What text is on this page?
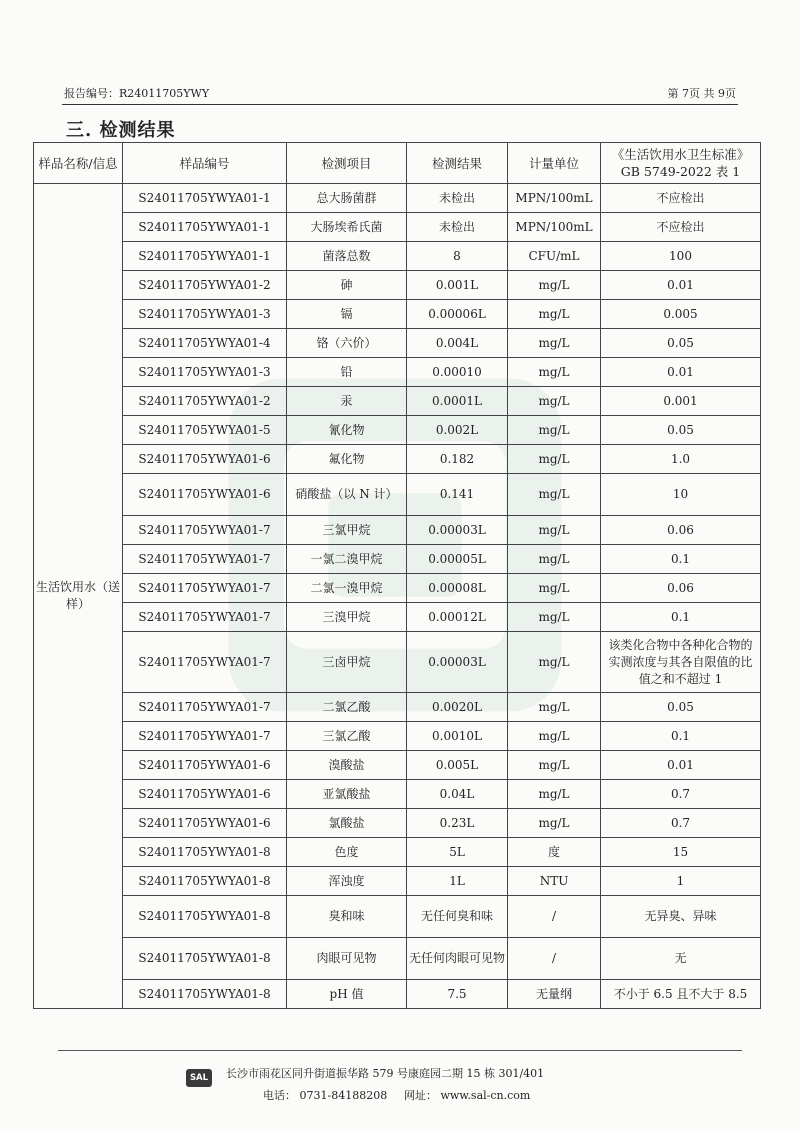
报告编号：R24011705YWY	第 7页 共 9页
三. 检测结果
样品名称/信息	样品编号	检测项目	检测结果	计量单位	《生活饮用水卫生标准》GB 5749-2022 表 1
生活饮用水（送样）	S24011705YWYA01-1	总大肠菌群	未检出	MPN/100mL	不应检出
	S24011705YWYA01-1	大肠埃希氏菌	未检出	MPN/100mL	不应检出
	S24011705YWYA01-1	菌落总数	8	CFU/mL	100
	S24011705YWYA01-2	砷	0.001L	mg/L	0.01
	S24011705YWYA01-3	镉	0.00006L	mg/L	0.005
	S24011705YWYA01-4	铬（六价）	0.004L	mg/L	0.05
	S24011705YWYA01-3	铅	0.00010	mg/L	0.01
	S24011705YWYA01-2	汞	0.0001L	mg/L	0.001
	S24011705YWYA01-5	氰化物	0.002L	mg/L	0.05
	S24011705YWYA01-6	氟化物	0.182	mg/L	1.0
	S24011705YWYA01-6	硝酸盐（以 N 计）	0.141	mg/L	10
	S24011705YWYA01-7	三氯甲烷	0.00003L	mg/L	0.06
	S24011705YWYA01-7	一氯二溴甲烷	0.00005L	mg/L	0.1
	S24011705YWYA01-7	二氯一溴甲烷	0.00008L	mg/L	0.06
	S24011705YWYA01-7	三溴甲烷	0.00012L	mg/L	0.1
	S24011705YWYA01-7	三卤甲烷	0.00003L	mg/L	该类化合物中各种化合物的实测浓度与其各自限值的比值之和不超过 1
	S24011705YWYA01-7	二氯乙酸	0.0020L	mg/L	0.05
	S24011705YWYA01-7	三氯乙酸	0.0010L	mg/L	0.1
	S24011705YWYA01-6	溴酸盐	0.005L	mg/L	0.01
	S24011705YWYA01-6	亚氯酸盐	0.04L	mg/L	0.7
	S24011705YWYA01-6	氯酸盐	0.23L	mg/L	0.7
	S24011705YWYA01-8	色度	5L	度	15
	S24011705YWYA01-8	浑浊度	1L	NTU	1
	S24011705YWYA01-8	臭和味	无任何臭和味	/	无异臭、异味
	S24011705YWYA01-8	肉眼可见物	无任何肉眼可见物	/	无
	S24011705YWYA01-8	pH 值	7.5	无量纲	不小于 6.5 且不大于 8.5
SAL	长沙市雨花区同升街道振华路 579 号康庭园二期 15 栋 301/401
电话： 0731-84188208 网址： www.sal-cn.com
